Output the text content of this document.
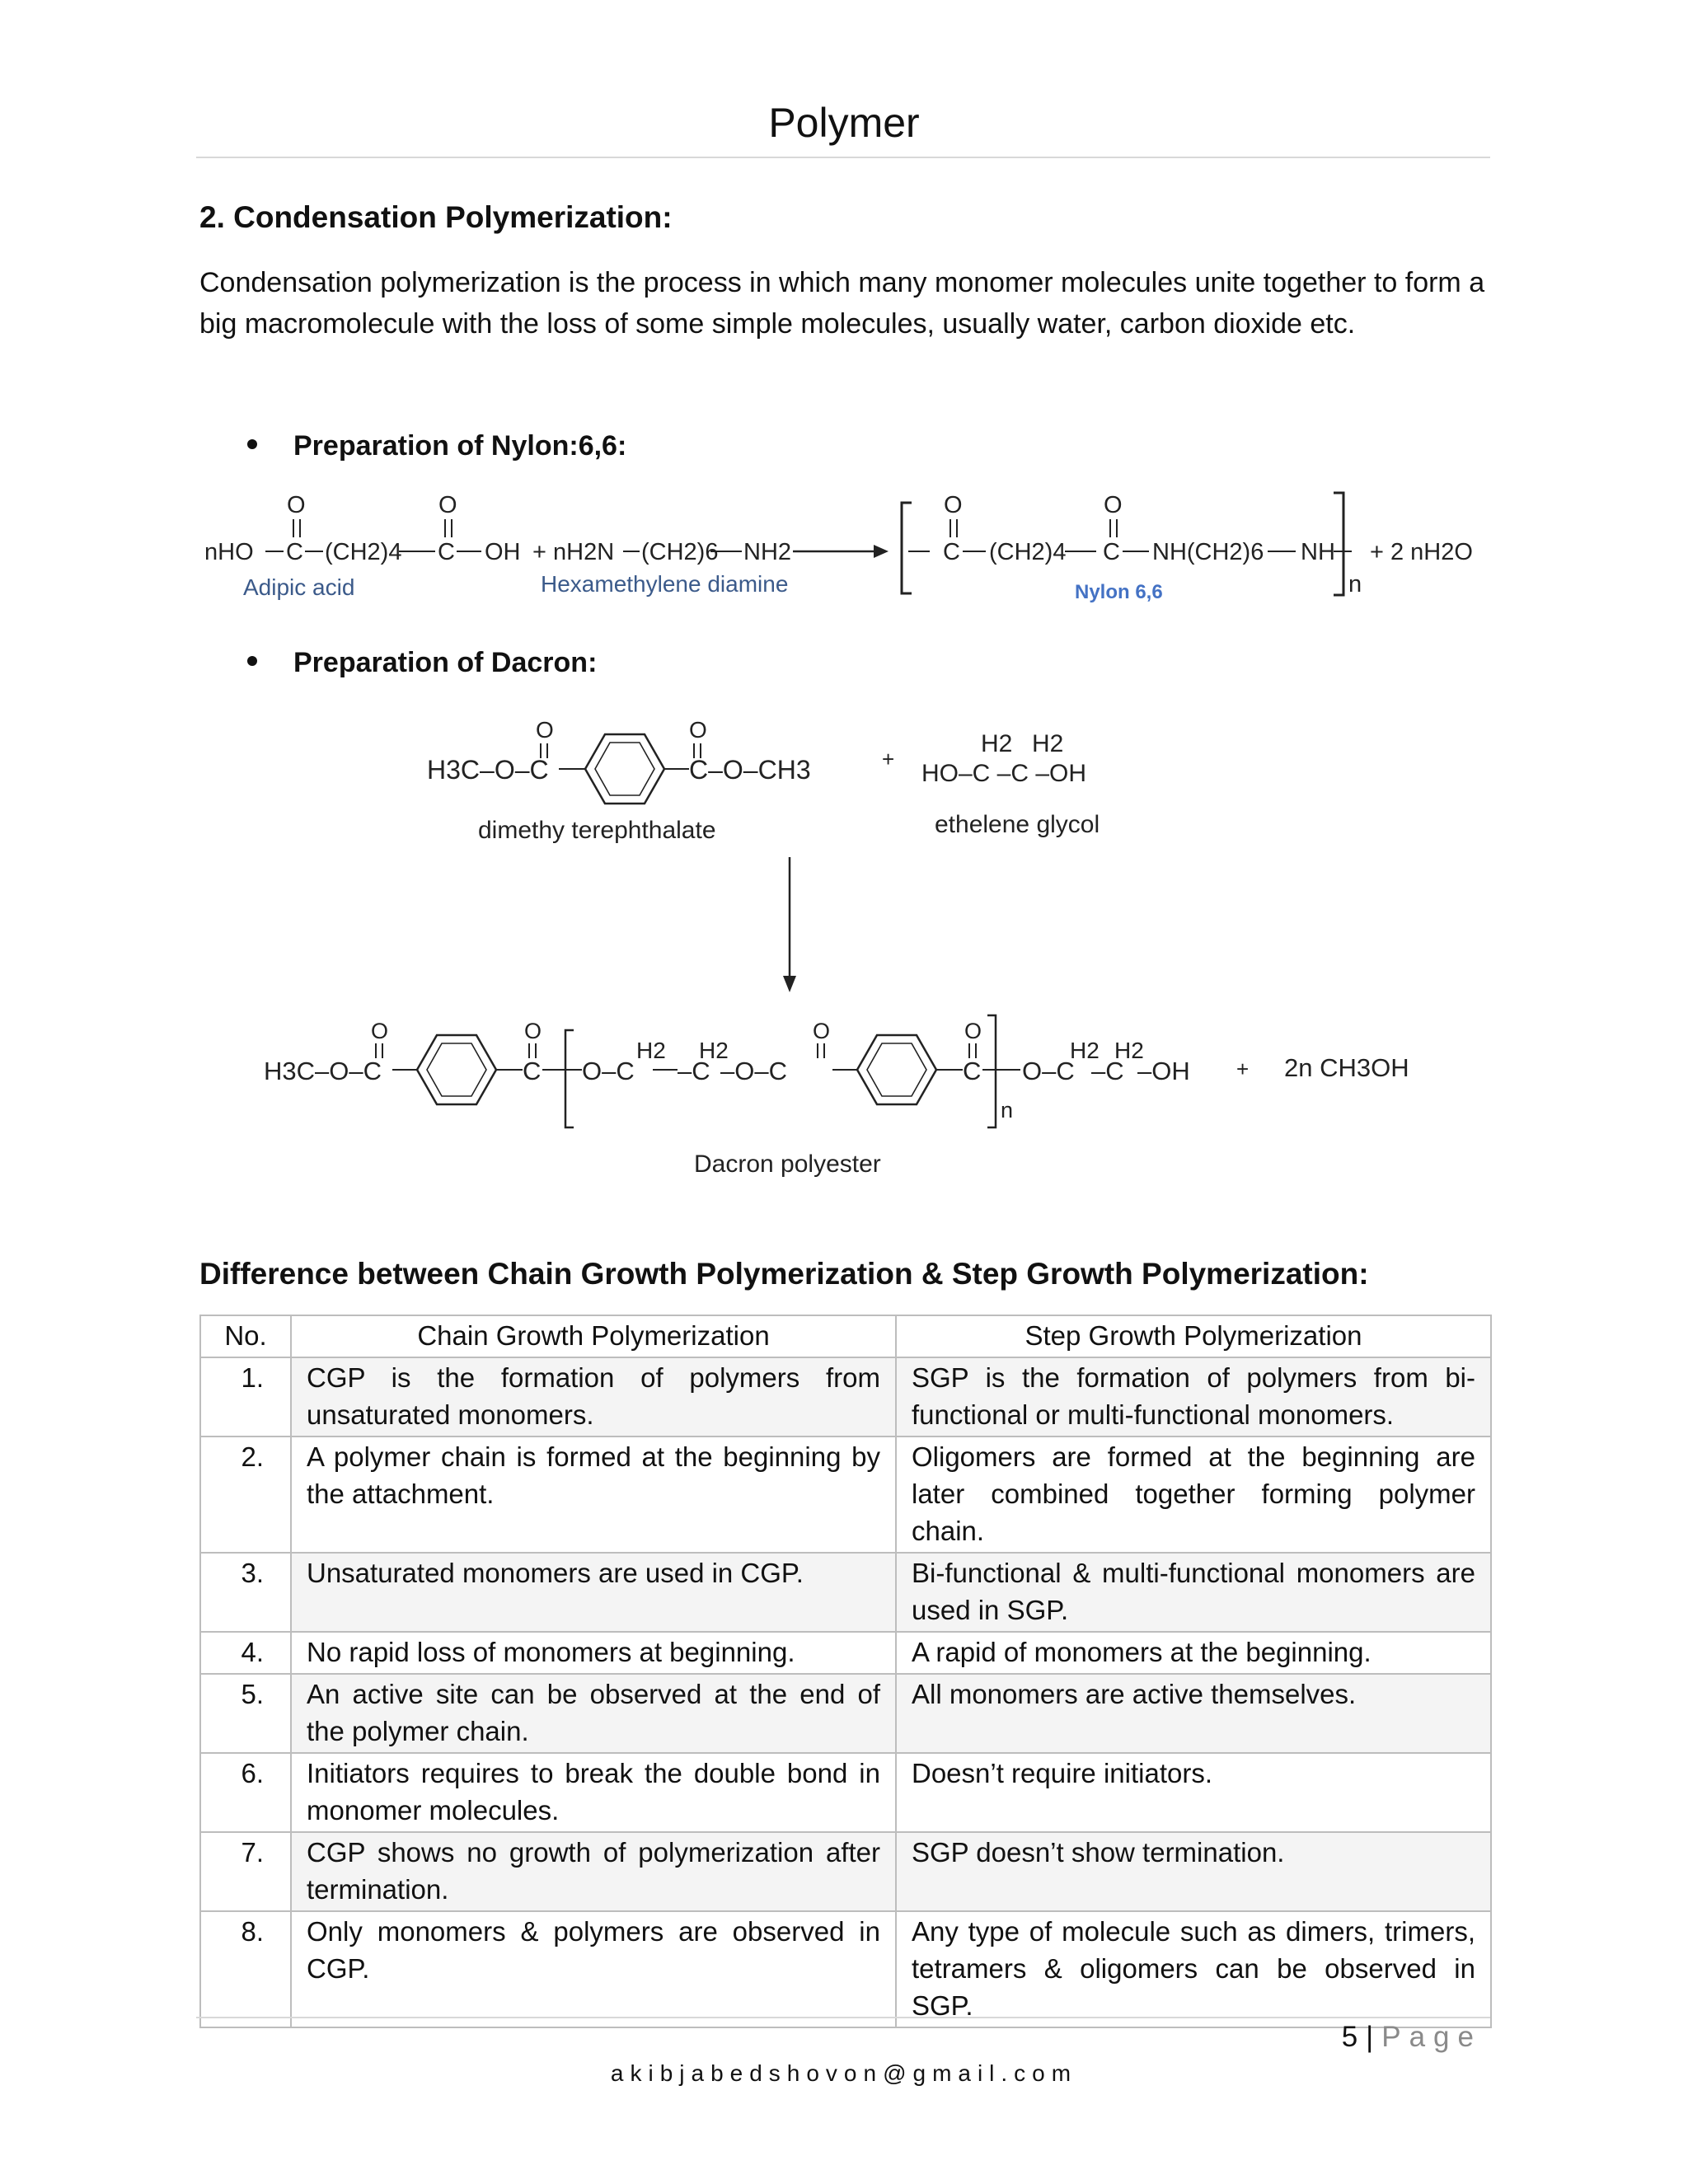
Polymer
2. Condensation Polymerization:
Condensation polymerization is the process in which many monomer molecules unite together to form a big macromolecule with the loss of some simple molecules, usually water, carbon dioxide etc.
Preparation of Nylon:6,6:
O	O
nHO C (CH2)4 C OH + nH2N (CH2)6 NH2
O
C (CH2)4
O
C NH(CH2)6 NH
n
+ 2 nH2O
Adipic acid	Hexamethylene diamine	Nylon 6,6
Preparation of Dacron:
H3C–O–C
O
C–O–CH3
O
+
H2 H2
HO–C –C –OH
dimethy terephthalate	ethelene glycol
H3C–O–C
O
C
O
O–C
H2
–C
H2
–O–C
O
C
O
n
O–C
H2
–C
H2
–OH + 2n CH3OH
Dacron polyester
Difference between Chain Growth Polymerization & Step Growth Polymerization:
No.	Chain Growth Polymerization	Step Growth Polymerization
1.	CGP is the formation of polymers from unsaturated monomers.	SGP is the formation of polymers from bi-functional or multi-functional monomers.
2.	A polymer chain is formed at the beginning by the attachment.	Oligomers are formed at the beginning are later combined together forming polymer chain.
3.	Unsaturated monomers are used in CGP.	Bi-functional & multi-functional monomers are used in SGP.
4.	No rapid loss of monomers at beginning.	A rapid of monomers at the beginning.
5.	An active site can be observed at the end of the polymer chain.	All monomers are active themselves.
6.	Initiators requires to break the double bond in monomer molecules.	Doesn’t require initiators.
7.	CGP shows no growth of polymerization after termination.	SGP doesn’t show termination.
8.	Only monomers & polymers are observed in CGP.	Any type of molecule such as dimers, trimers, tetramers & oligomers can be observed in SGP.
5 | Page
akibjabedshovon@gmail.com
